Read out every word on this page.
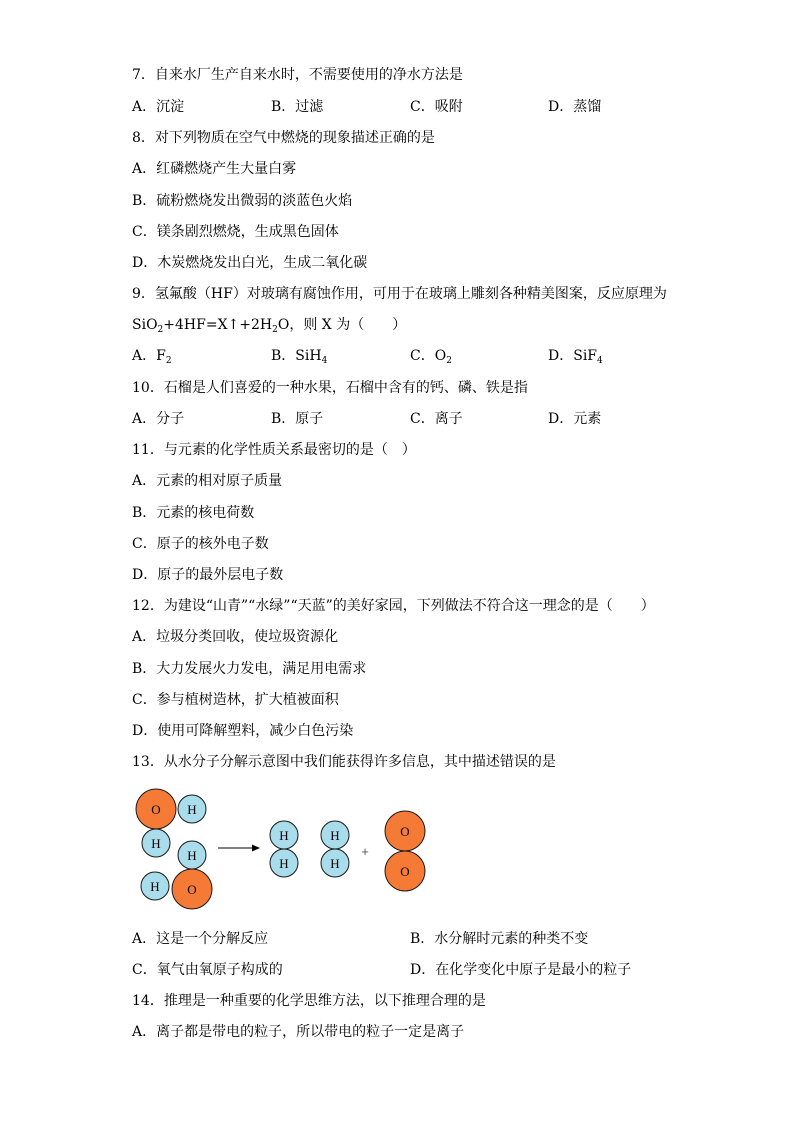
7．自来水厂生产自来水时，不需要使用的净水方法是
A．沉淀	B．过滤	C．吸附	D．蒸馏
8．对下列物质在空气中燃烧的现象描述正确的是
A．红磷燃烧产生大量白雾
B．硫粉燃烧发出微弱的淡蓝色火焰
C．镁条剧烈燃烧，生成黑色固体
D．木炭燃烧发出白光，生成二氧化碳
9．氢氟酸（HF）对玻璃有腐蚀作用，可用于在玻璃上雕刻各种精美图案，反应原理为
$SiO_2+4HF=X↑+2H_2O$，则 X 为（　　）
A．$F_2$	B．SiH$_4$	C．$O_2$	D．SiF$_4$
10．石榴是人们喜爱的一种水果，石榴中含有的钙、磷、铁是指
A．分子	B．原子	C．离子	D．元素
11．与元素的化学性质关系最密切的是（　）
A．元素的相对原子质量
B．元素的核电荷数
C．原子的核外电子数
D．原子的最外层电子数
12．为建设“山青”“水绿”“天蓝”的美好家园，下列做法不符合这一理念的是（　　）
A．垃圾分类回收，使垃圾资源化
B．大力发展火力发电，满足用电需求
C．参与植树造林，扩大植被面积
D．使用可降解塑料，减少白色污染
13．从水分子分解示意图中我们能获得许多信息，其中描述错误的是
O H
H
H
H O
H
H
H
H
+
O
O
A．这是一个分解反应	B．水分解时元素的种类不变
C．氧气由氧原子构成的	D．在化学变化中原子是最小的粒子
14．推理是一种重要的化学思维方法，以下推理合理的是
A．离子都是带电的粒子，所以带电的粒子一定是离子
